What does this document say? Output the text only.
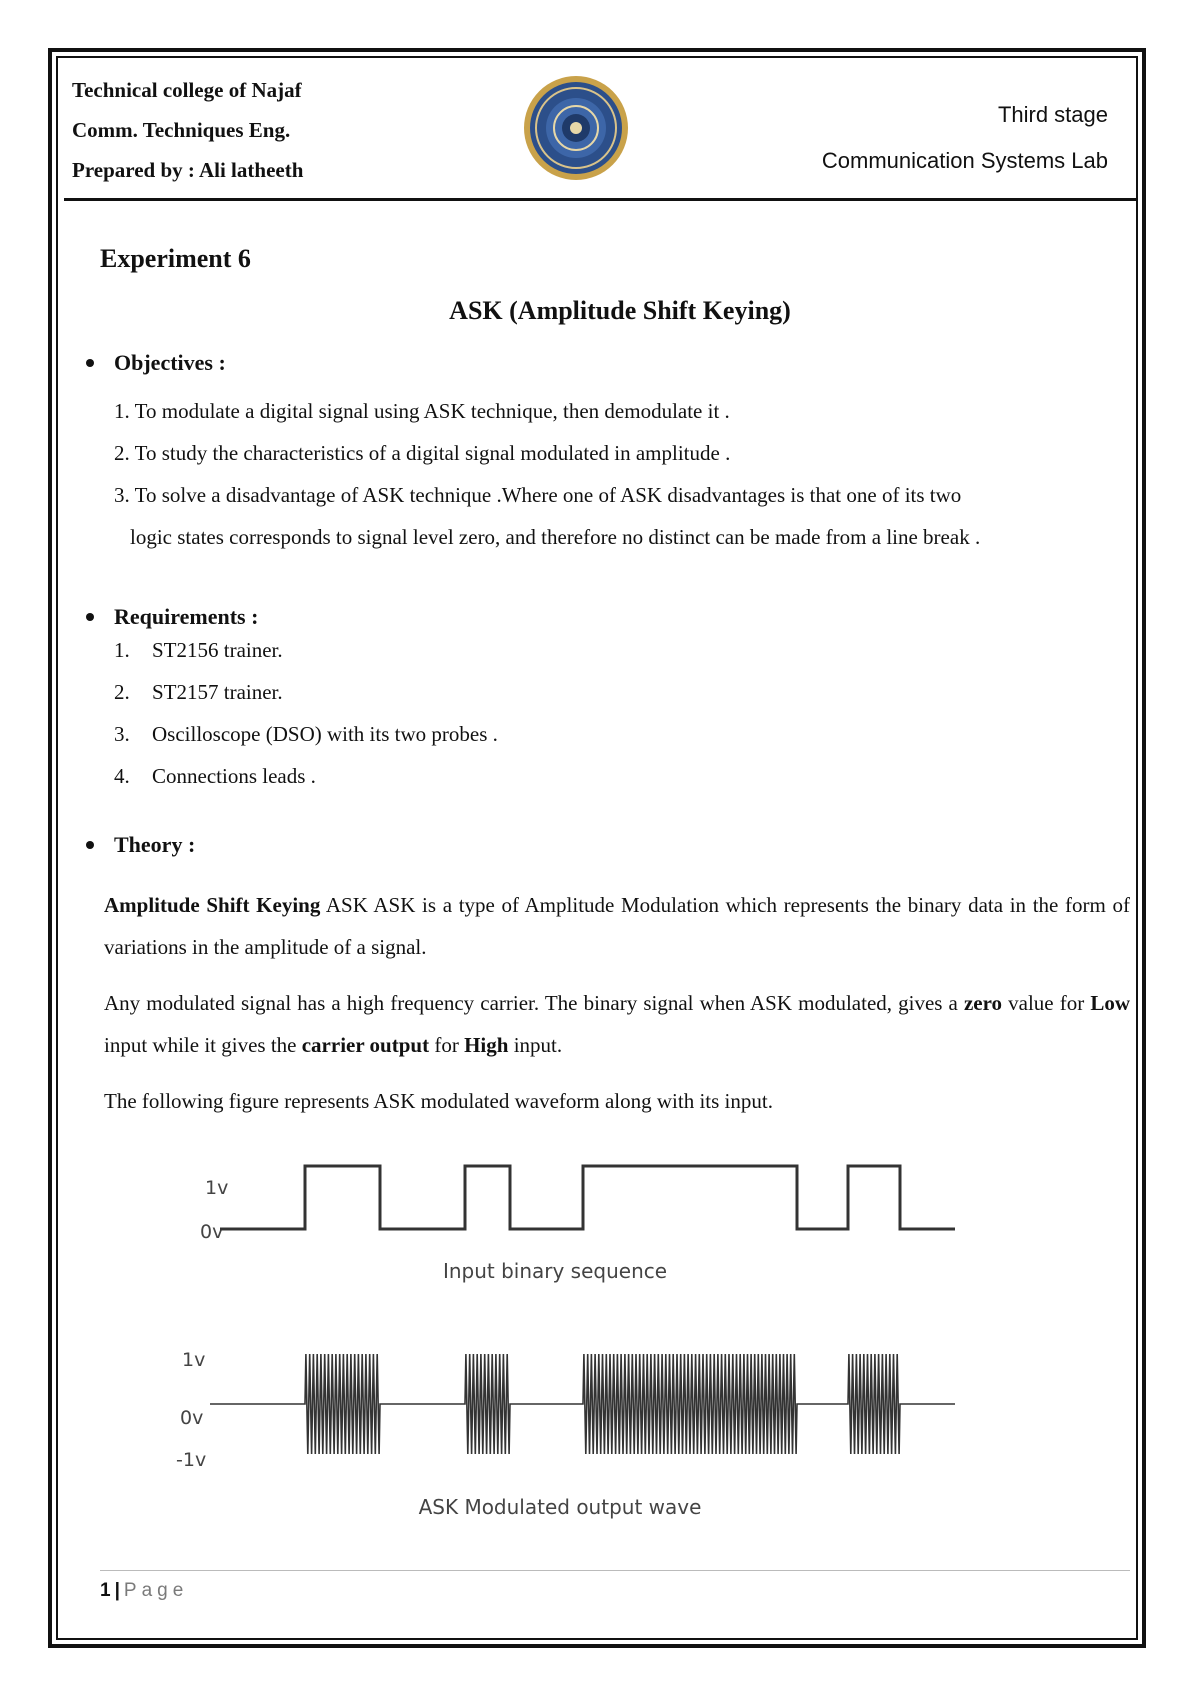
Technical college of Najaf
Comm. Techniques Eng.
Prepared by : Ali latheeth
Third stage
Communication Systems Lab
Experiment 6
ASK (Amplitude Shift Keying)
Objectives :

1. To modulate a digital signal using ASK technique, then demodulate it .

2. To study the characteristics of a digital signal modulated in amplitude .

3. To solve a disadvantage of ASK technique .Where one of ASK disadvantages is that one of its two

logic states corresponds to signal level zero, and therefore no distinct can be made from a line break .

Requirements :

1. ST2156 trainer.

2. ST2157 trainer.

3. Oscilloscope (DSO) with its two probes .

4. Connections leads .

Theory :

Amplitude Shift Keying ASK ASK is a type of Amplitude Modulation which represents the binary data in the form of variations in the amplitude of a signal.

Any modulated signal has a high frequency carrier. The binary signal when ASK modulated, gives a zero value for Low input while it gives the carrier output for High input.

The following figure represents ASK modulated waveform along with its input.

1v
0v
Input binary sequence
1v
0v
-1v
ASK Modulated output wave
1 | Page
